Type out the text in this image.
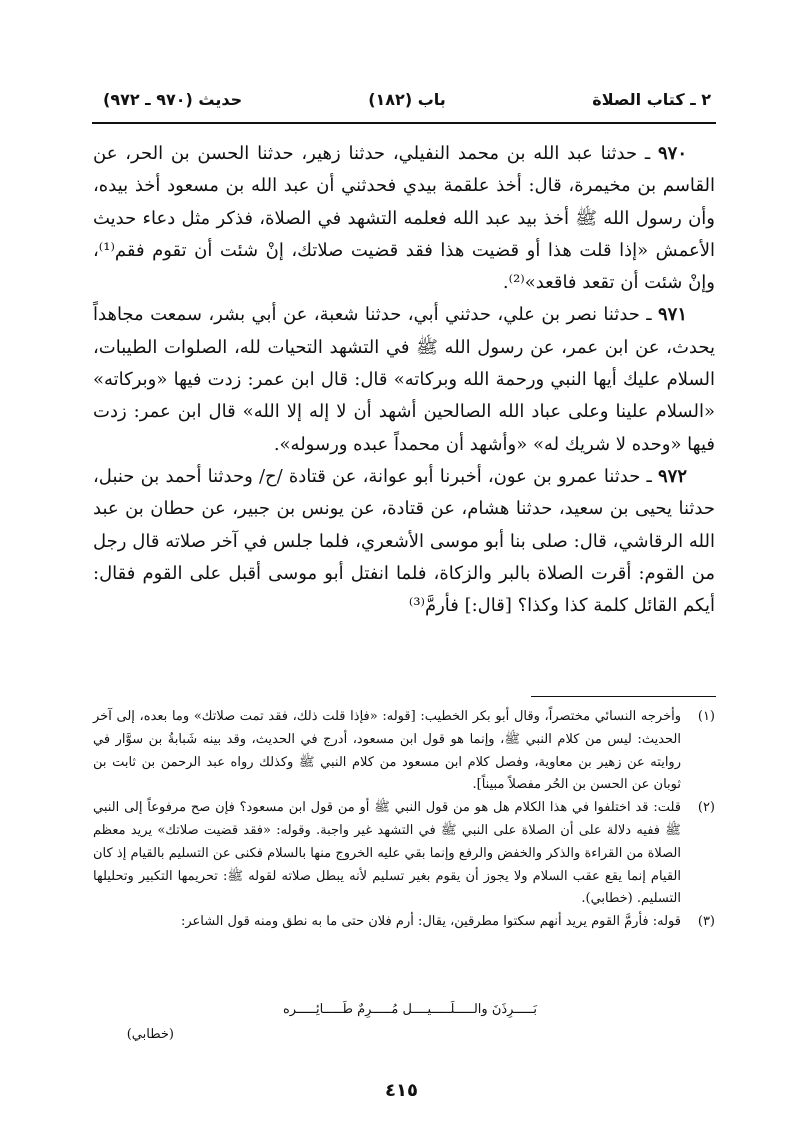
٢ ـ كتاب الصلاة
(١٨٢) باب
(٩٧٠ ـ ٩٧٢) حديث

٩٧٠ ـ حدثنا عبد الله بن محمد النفيلي، حدثنا زهير، حدثنا الحسن بن الحر، عن القاسم بن مخيمرة، قال: أخذ علقمة بيدي فحدثني أن عبد الله بن مسعود أخذ بيده، وأن رسول الله ﷺ أخذ بيد عبد الله فعلمه التشهد في الصلاة، فذكر مثل دعاء حديث الأعمش «إذا قلت هذا أو قضيت هذا فقد قضيت صلاتك، إنْ شئت أن تقوم فقم⁽¹⁾، وإنْ شئت أن تقعد فاقعد»⁽²⁾.

٩٧١ ـ حدثنا نصر بن علي، حدثني أبي، حدثنا شعبة، عن أبي بشر، سمعت مجاهداً يحدث، عن ابن عمر، عن رسول الله ﷺ في التشهد التحيات لله، الصلوات الطيبات، السلام عليك أيها النبي ورحمة الله وبركاته» قال: قال ابن عمر: زدت فيها «وبركاته» «السلام علينا وعلى عباد الله الصالحين أشهد أن لا إله إلا الله» قال ابن عمر: زدت فيها «وحده لا شريك له» «وأشهد أن محمداً عبده ورسوله».

٩٧٢ ـ حدثنا عمرو بن عون، أخبرنا أبو عوانة، عن قتادة /ح/ وحدثنا أحمد بن حنبل، حدثنا يحيى بن سعيد، حدثنا هشام، عن قتادة، عن يونس بن جبير، عن حطان بن عبد الله الرقاشي، قال: صلى بنا أبو موسى الأشعري، فلما جلس في آخر صلاته قال رجل من القوم: أقرت الصلاة بالبر والزكاة، فلما انفتل أبو موسى أقبل على القوم فقال: أيكم القائل كلمة كذا وكذا؟ [قال:] فأرمَّ⁽³⁾

(١)
وأخرجه النسائي مختصراً، وقال أبو بكر الخطيب: [قوله: «فإذا قلت ذلك، فقد تمت صلاتك» وما بعده، إلى آخر الحديث: ليس من كلام النبي ﷺ، وإنما هو قول ابن مسعود، أدرج في الحديث، وقد بينه شَبابةُ بن سوَّار في روايته عن زهير بن معاوية، وفصل كلام ابن مسعود من كلام النبي ﷺ وكذلك رواه عبد الرحمن بن ثابت بن ثوبان عن الحسن بن الحُر مفصلاً مبيناً].
(٢)
قلت: قد اختلفوا في هذا الكلام هل هو من قول النبي ﷺ أو من قول ابن مسعود؟ فإن صح مرفوعاً إلى النبي ﷺ ففيه دلالة على أن الصلاة على النبي ﷺ في التشهد غير واجبة. وقوله: «فقد قضيت صلاتك» يريد معظم الصلاة من القراءة والذكر والخفض والرفع وإنما بقي عليه الخروج منها بالسلام فكنى عن التسليم بالقيام إذ كان القيام إنما يقع عقب السلام ولا يجوز أن يقوم بغير تسليم لأنه يبطل صلاته لقوله ﷺ: تحريمها التكبير وتحليلها التسليم. (خطابي).
(٣)
قوله: فأرمَّ القوم يريد أنهم سكتوا مطرقين، يقال: أرم فلان حتى ما به نطق ومنه قول الشاعر:
بَـــــرِذَنَ والـــــلَـــــيــــل مُـــــرِمٌ طَـــــائِـــــره
(خطابي)
٤١٥
